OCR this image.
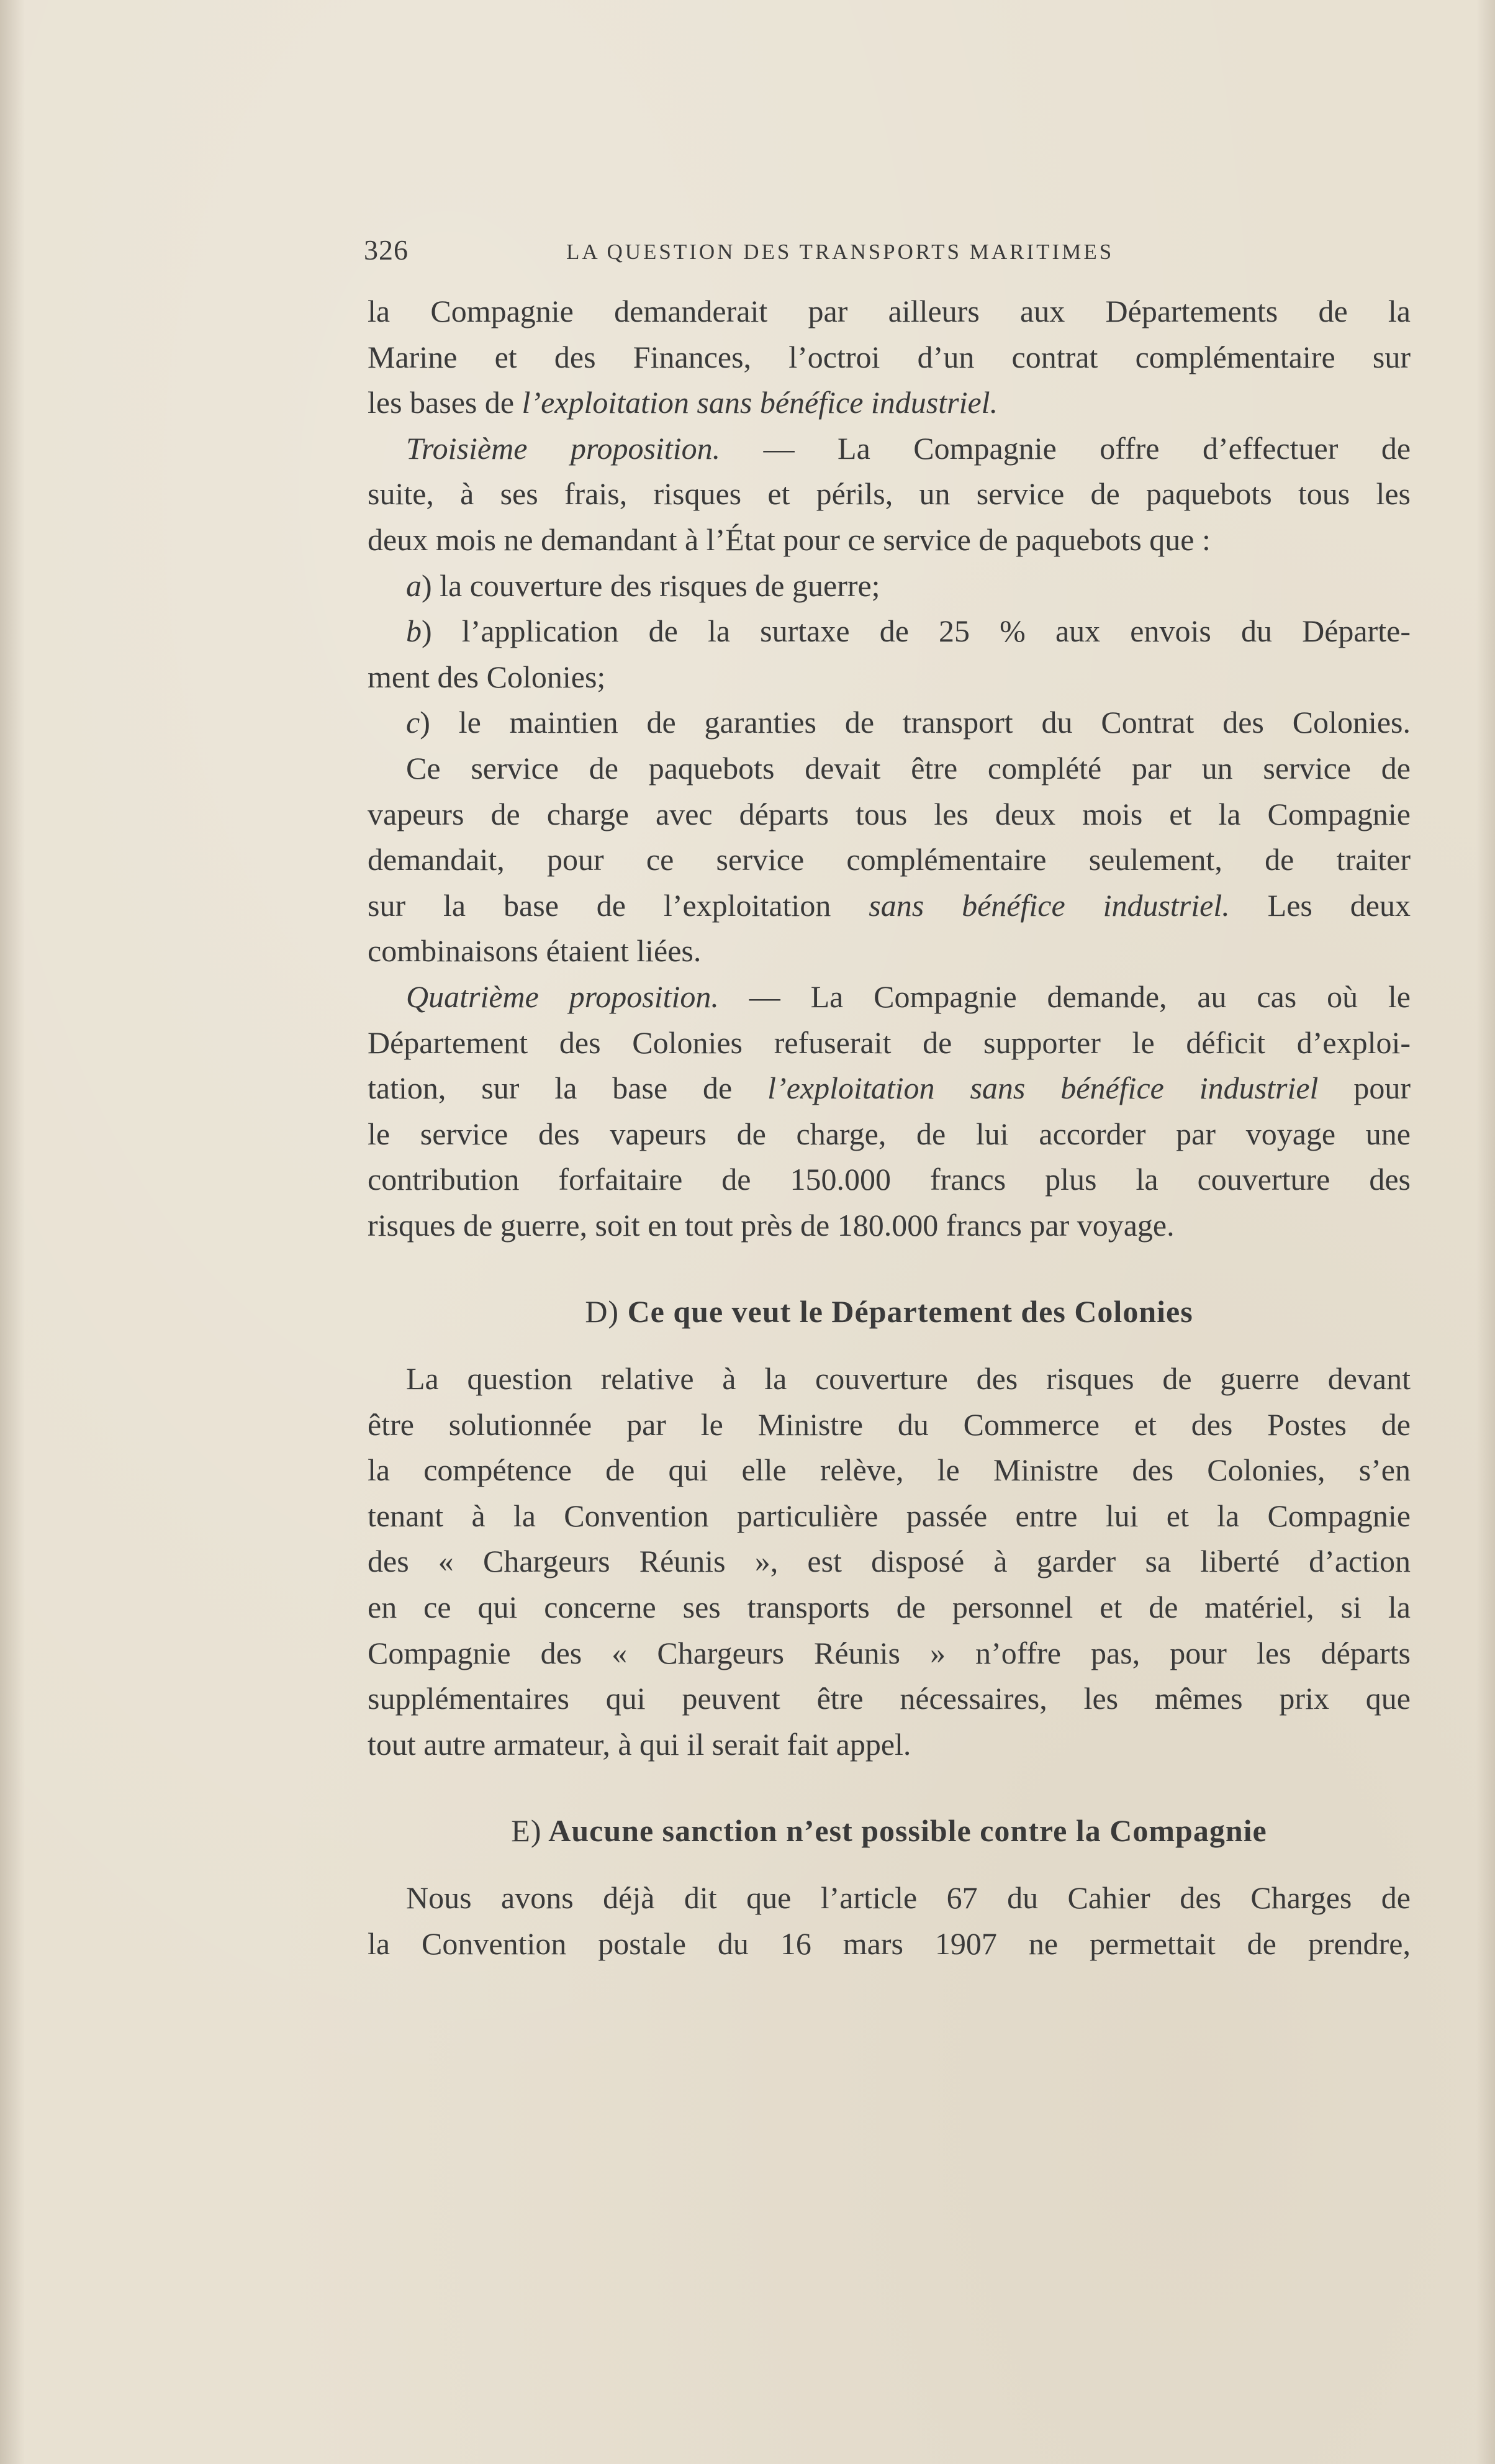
326	LA QUESTION DES TRANSPORTS MARITIMES

la Compagnie demanderait par ailleurs aux Départements de la

Marine et des Finances, l’octroi d’un contrat complémentaire sur

les bases de l’exploitation sans bénéfice industriel.

Troisième proposition. — La Compagnie offre d’effectuer de

suite, à ses frais, risques et périls, un service de paquebots tous les

deux mois ne demandant à l’État pour ce service de paquebots que :

a) la couverture des risques de guerre;

b) l’application de la surtaxe de 25 % aux envois du Départe-

ment des Colonies;

c) le maintien de garanties de transport du Contrat des Colonies.

Ce service de paquebots devait être complété par un service de

vapeurs de charge avec départs tous les deux mois et la Compagnie

demandait, pour ce service complémentaire seulement, de traiter

sur la base de l’exploitation sans bénéfice industriel. Les deux

combinaisons étaient liées.

Quatrième proposition. — La Compagnie demande, au cas où le

Département des Colonies refuserait de supporter le déficit d’exploi-

tation, sur la base de l’exploitation sans bénéfice industriel pour

le service des vapeurs de charge, de lui accorder par voyage une

contribution forfaitaire de 150.000 francs plus la couverture des

risques de guerre, soit en tout près de 180.000 francs par voyage.

D) Ce que veut le Département des Colonies

La question relative à la couverture des risques de guerre devant

être solutionnée par le Ministre du Commerce et des Postes de

la compétence de qui elle relève, le Ministre des Colonies, s’en

tenant à la Convention particulière passée entre lui et la Compagnie

des « Chargeurs Réunis », est disposé à garder sa liberté d’action

en ce qui concerne ses transports de personnel et de matériel, si la

Compagnie des « Chargeurs Réunis » n’offre pas, pour les départs

supplémentaires qui peuvent être nécessaires, les mêmes prix que

tout autre armateur, à qui il serait fait appel.

E) Aucune sanction n’est possible contre la Compagnie

Nous avons déjà dit que l’article 67 du Cahier des Charges de

la Convention postale du 16 mars 1907 ne permettait de prendre,
